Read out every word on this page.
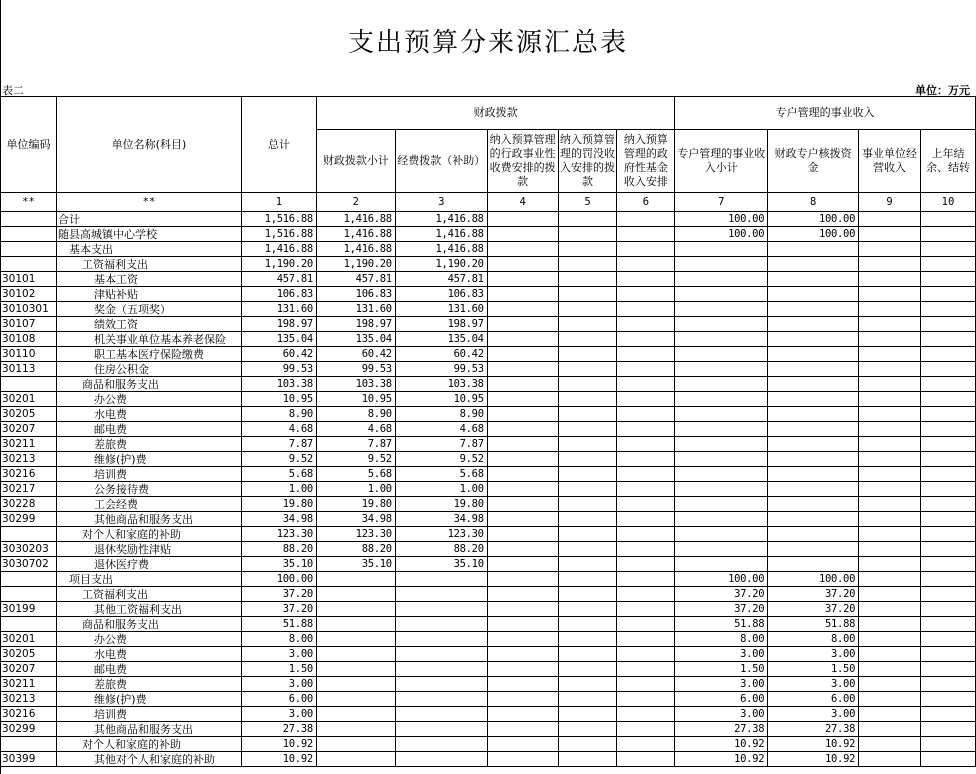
支出预算分来源汇总表
表二	单位：万元
单位编码	单位名称(科目)	总计	财政拨款					专户管理的事业收入			
			财政拨款小计	经费拨款（补助）	纳入预算管理的行政事业性收费安排的拨款	纳入预算管理的罚没收入安排的拨款	纳入预算管理的政府性基金收入安排	专户管理的事业收入小计	财政专户核拨资金	事业单位经营收入	上年结余、结转
**	**	1	2	3	4	5	6	7	8	9	10
	合计	1,516.88	1,416.88	1,416.88				100.00	100.00		
	随县高城镇中心学校	1,516.88	1,416.88	1,416.88				100.00	100.00		
	基本支出	1,416.88	1,416.88	1,416.88							
	工资福利支出	1,190.20	1,190.20	1,190.20							
30101	基本工资	457.81	457.81	457.81							
30102	津贴补贴	106.83	106.83	106.83							
3010301	奖金（五项奖）	131.60	131.60	131.60							
30107	绩效工资	198.97	198.97	198.97							
30108	机关事业单位基本养老保险	135.04	135.04	135.04							
30110	职工基本医疗保险缴费	60.42	60.42	60.42							
30113	住房公积金	99.53	99.53	99.53							
	商品和服务支出	103.38	103.38	103.38							
30201	办公费	10.95	10.95	10.95							
30205	水电费	8.90	8.90	8.90							
30207	邮电费	4.68	4.68	4.68							
30211	差旅费	7.87	7.87	7.87							
30213	维修(护)费	9.52	9.52	9.52							
30216	培训费	5.68	5.68	5.68							
30217	公务接待费	1.00	1.00	1.00							
30228	工会经费	19.80	19.80	19.80							
30299	其他商品和服务支出	34.98	34.98	34.98							
	对个人和家庭的补助	123.30	123.30	123.30							
3030203	退休奖励性津贴	88.20	88.20	88.20							
3030702	退休医疗费	35.10	35.10	35.10							
	项目支出	100.00						100.00	100.00		
	工资福利支出	37.20						37.20	37.20		
30199	其他工资福利支出	37.20						37.20	37.20		
	商品和服务支出	51.88						51.88	51.88		
30201	办公费	8.00						8.00	8.00		
30205	水电费	3.00						3.00	3.00		
30207	邮电费	1.50						1.50	1.50		
30211	差旅费	3.00						3.00	3.00		
30213	维修(护)费	6.00						6.00	6.00		
30216	培训费	3.00						3.00	3.00		
30299	其他商品和服务支出	27.38						27.38	27.38		
	对个人和家庭的补助	10.92						10.92	10.92		
30399	其他对个人和家庭的补助	10.92						10.92	10.92		
